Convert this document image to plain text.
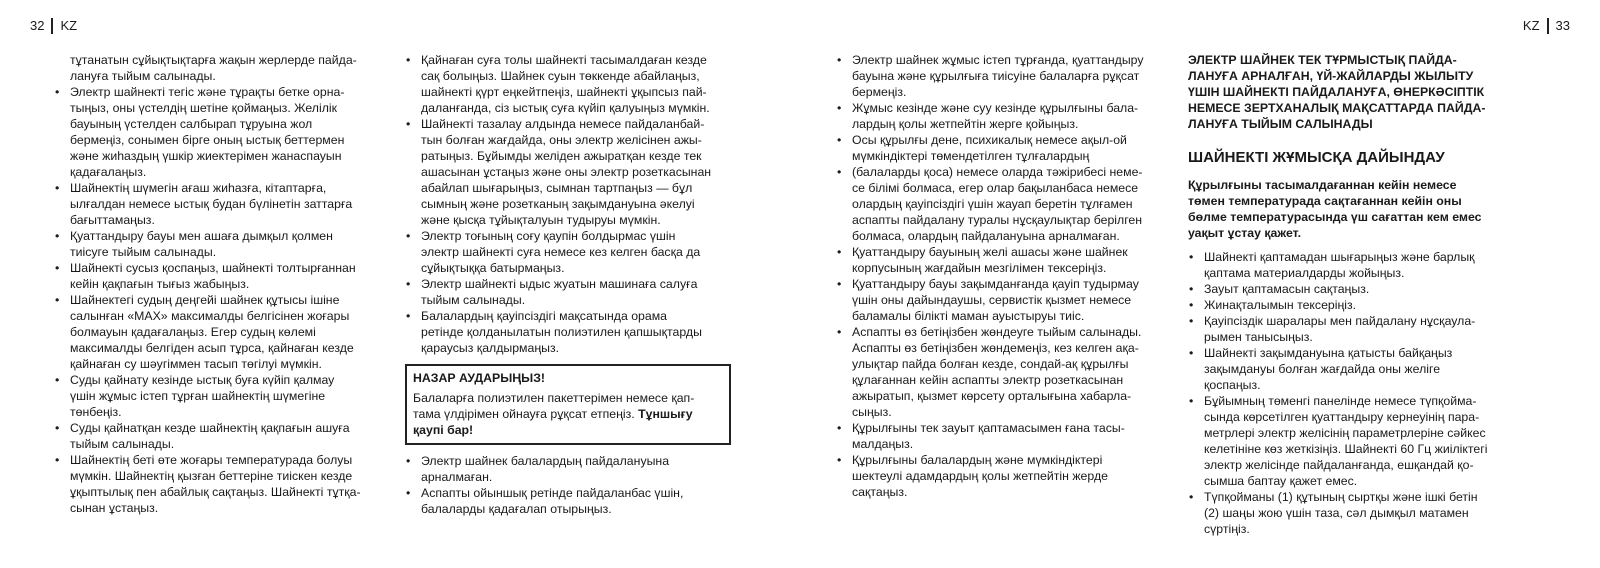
32 KZ	KZ 33

тұтанатын сұйықтықтарға жақын жерлерде пайда-

лануға тыйым салынады.

• Электр шайнекті тегіс және тұрақты бетке орна-
тыңыз, оны үстелдің шетіне қоймаңыз. Желілік
бауының үстелден салбырап тұруына жол
бермеңіз, сонымен бірге оның ыстық беттермен
және жиһаздың үшкір жиектерімен жанаспауын
қадағалаңыз.
• Шайнектің шүмегін ағаш жиһазға, кітаптарға,
ылғалдан немесе ыстық будан бүлінетін заттарға
бағыттамаңыз.
• Қуаттандыру бауы мен ашаға дымқыл қолмен
тиісуге тыйым салынады.
• Шайнекті сусыз қоспаңыз, шайнекті толтырғаннан
кейін қақпағын тығыз жабыңыз.
• Шайнектегі судың деңгейі шайнек құтысы ішіне
салынған «MAX» максималды белгісінен жоғары
болмауын қадағалаңыз. Егер судың көлемі
максималды белгіден асып тұрса, қайнаған кезде
қайнаған су шәугіммен тасып төгілуі мүмкін.
• Суды қайнату кезінде ыстық буға күйіп қалмау
үшін жұмыс істеп тұрған шайнектің шүмегіне
төнбеңіз.
• Суды қайнатқан кезде шайнектің қақпағын ашуға
тыйым салынады.
• Шайнектің беті өте жоғары температурада болуы
мүмкін. Шайнектің қызған беттеріне тиіскен кезде
ұқыптылық пен абайлық сақтаңыз. Шайнекті тұтқа-
сынан ұстаңыз.
• Қайнаған суға толы шайнекті тасымалдаған кезде
сақ болыңыз. Шайнек суын төккенде абайлаңыз,
шайнекті қүрт еңкейтпеңіз, шайнекті ұқыпсыз пай-
даланғанда, сіз ыстық суға күйіп қалуыңыз мүмкін.
• Шайнекті тазалау алдында немесе пайдаланбай-
тын болған жағдайда, оны электр желісінен ажы-
ратыңыз. Бұйымды желіден ажыратқан кезде тек
ашасынан ұстаңыз және оны электр розеткасынан
абайлап шығарыңыз, сымнан тартпаңыз — бұл
сымның және розетканың зақымдануына әкелуі
және қысқа тұйықталуын тудыруы мүмкін.
• Электр тоғының соғу қаупін болдырмас үшін
электр шайнекті суға немесе кез келген басқа да
сұйықтыққа батырмаңыз.
• Электр шайнекті ыдыс жуатын машинаға салуға
тыйым салынады.
• Балалардың қауіпсіздігі мақсатында орама
ретінде қолданылатын полиэтилен қапшықтарды
қараусыз қалдырмаңыз.
НАЗАР АУДАРЫҢЫЗ!

Балаларға полиэтилен пакеттерімен немесе қап-

тама үлдірімен ойнауға рұқсат етпеңіз. Тұншығу

қаупі бар!

• Электр шайнек балалардың пайдалануына
арналмаған.
• Аспапты ойыншық ретінде пайдаланбас үшін,
балаларды қадағалап отырыңыз.
• Электр шайнек жұмыс істеп тұрғанда, қуаттандыру
бауына және құрылғыға тиісуіне балаларға рұқсат
бермеңіз.
• Жұмыс кезінде және суу кезінде құрылғыны бала-
лардың қолы жетпейтін жерге қойыңыз.
• Осы құрылғы дене, психикалық немесе ақыл-ой
мүмкіндіктері төмендетілген тұлғалардың
• (балаларды қоса) немесе оларда тәжірибесі неме-
се білімі болмаса, егер олар бақыланбаса немесе
олардың қауіпсіздігі үшін жауап беретін тұлғамен
аспапты пайдалану туралы нұсқаулықтар берілген
болмаса, олардың пайдалануына арналмаған.
• Қуаттандыру бауының желі ашасы және шайнек
корпусының жағдайын мезгілімен тексеріңіз.
• Қуаттандыру бауы зақымданғанда қауіп тудырмау
үшін оны дайындаушы, сервистік қызмет немесе
баламалы білікті маман ауыстыруы тиіс.
• Аспапты өз бетіңізбен жөндеуге тыйым салынады.
Аспапты өз бетіңізбен жөндемеңіз, кез келген ақа-
улықтар пайда болған кезде, сондай-ақ құрылғы
құлағаннан кейін аспапты электр розеткасынан
ажыратып, қызмет көрсету орталығына хабарла-
сыңыз.
• Құрылғыны тек зауыт қаптамасымен ғана тасы-
малдаңыз.
• Құрылғыны балалардың және мүмкіндіктері
шектеулі адамдардың қолы жетпейтін жерде
сақтаңыз.

ЭЛЕКТР ШАЙНЕК ТЕК ТҰРМЫСТЫҚ ПАЙДА-

ЛАНУҒА АРНАЛҒАН, ҮЙ-ЖАЙЛАРДЫ ЖЫЛЫТУ

ҮШІН ШАЙНЕКТІ ПАЙДАЛАНУҒА, ӨНЕРКӘСІПТІК

НЕМЕСЕ ЗЕРТХАНАЛЫҚ МАҚСАТТАРДА ПАЙДА-

ЛАНУҒА ТЫЙЫМ САЛЫНАДЫ

ШАЙНЕКТІ ЖҰМЫСҚА ДАЙЫНДАУ

Құрылғыны тасымалдағаннан кейін немесе

төмен температурада сақтағаннан кейін оны

бөлме температурасында үш сағаттан кем емес

уақыт ұстау қажет.

• Шайнекті қаптамадан шығарыңыз және барлық
қаптама материалдарды жойыңыз.
• Зауыт қаптамасын сақтаңыз.
• Жинақталымын тексеріңіз.
• Қауіпсіздік шаралары мен пайдалану нұсқаула-
рымен танысыңыз.
• Шайнекті зақымдануына қатысты байқаңыз
зақымдануы болған жағдайда оны желіге
қоспаңыз.
• Бұйымның төменгі панелінде немесе түпқойма-
сында көрсетілген қуаттандыру кернеуінің пара-
метрлері электр желісінің параметрлеріне сәйкес
келетініне көз жеткізіңіз. Шайнекті 60 Гц жиіліктегі
электр желісінде пайдаланғанда, ешқандай қо-
сымша баптау қажет емес.
• Түпқойманы (1) құтының сыртқы және ішкі бетін
(2) шаңы жою үшін таза, сәл дымқыл матамен
сүртіңіз.
